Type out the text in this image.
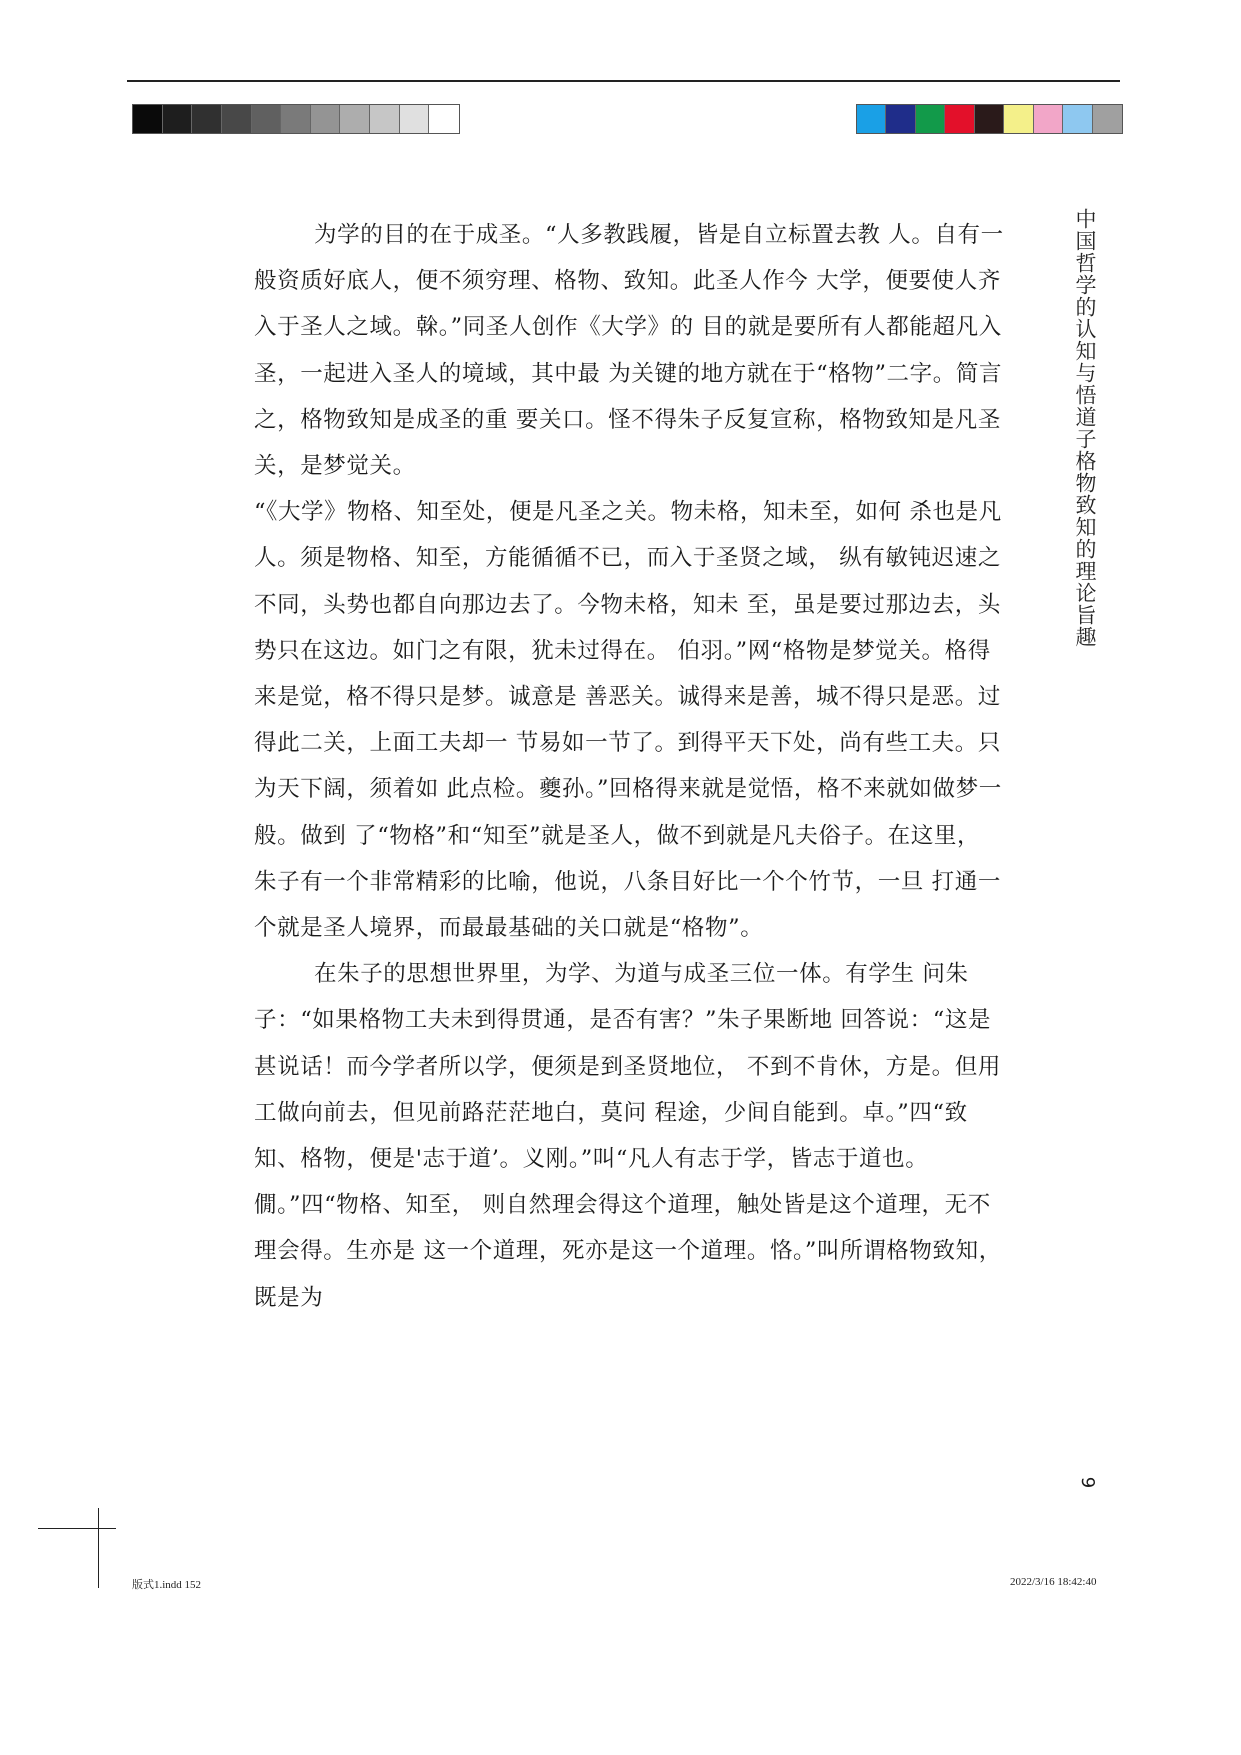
为学的目的在于成圣。“人多教践履，皆是自立标置去教 人。自有一般资质好底人，便不须穷理、格物、致知。此圣人作今 大学，便要使人齐入于圣人之域。榦。”同圣人创作《大学》的 目的就是要所有人都能超凡入圣，一起进入圣人的境域，其中最 为关键的地方就在于“格物”二字。简言之，格物致知是成圣的重 要关口。怪不得朱子反复宣称，格物致知是凡圣关，是梦觉关。

“《大学》物格、知至处，便是凡圣之关。物未格，知未至，如何 杀也是凡人。须是物格、知至，方能循循不已，而入于圣贤之域， 纵有敏钝迟速之不同，头势也都自向那边去了。今物未格，知未 至，虽是要过那边去，头势只在这边。如门之有限，犹未过得在。 伯羽。”网“格物是梦觉关。格得来是觉，格不得只是梦。诚意是 善恶关。诚得来是善，城不得只是恶。过得此二关，上面工夫却一 节易如一节了。到得平天下处，尚有些工夫。只为天下阔，须着如 此点检。夔孙。”回格得来就是觉悟，格不来就如做梦一般。做到 了“物格”和“知至”就是圣人，做不到就是凡夫俗子。在这里， 朱子有一个非常精彩的比喻，他说，八条目好比一个个竹节，一旦 打通一个就是圣人境界，而最最基础的关口就是“格物”。

在朱子的思想世界里，为学、为道与成圣三位一体。有学生 问朱子：“如果格物工夫未到得贯通，是否有害？”朱子果断地 回答说：“这是甚说话！而今学者所以学，便须是到圣贤地位， 不到不肯休，方是。但用工做向前去，但见前路茫茫地白，莫问 程途，少间自能到。卓。”四“致知、格物，便是'志于道’。义刚。”叫“凡人有志于学，皆志于道也。僩。”四“物格、知至， 则自然理会得这个道理，触处皆是这个道理，无不理会得。生亦是 这一个道理，死亦是这一个道理。恪。”叫所谓格物致知，既是为

中国哲学的认知与悟道子格物致知的理论旨趣
9
版式1.indd 152	2022/3/16 18:42:40
